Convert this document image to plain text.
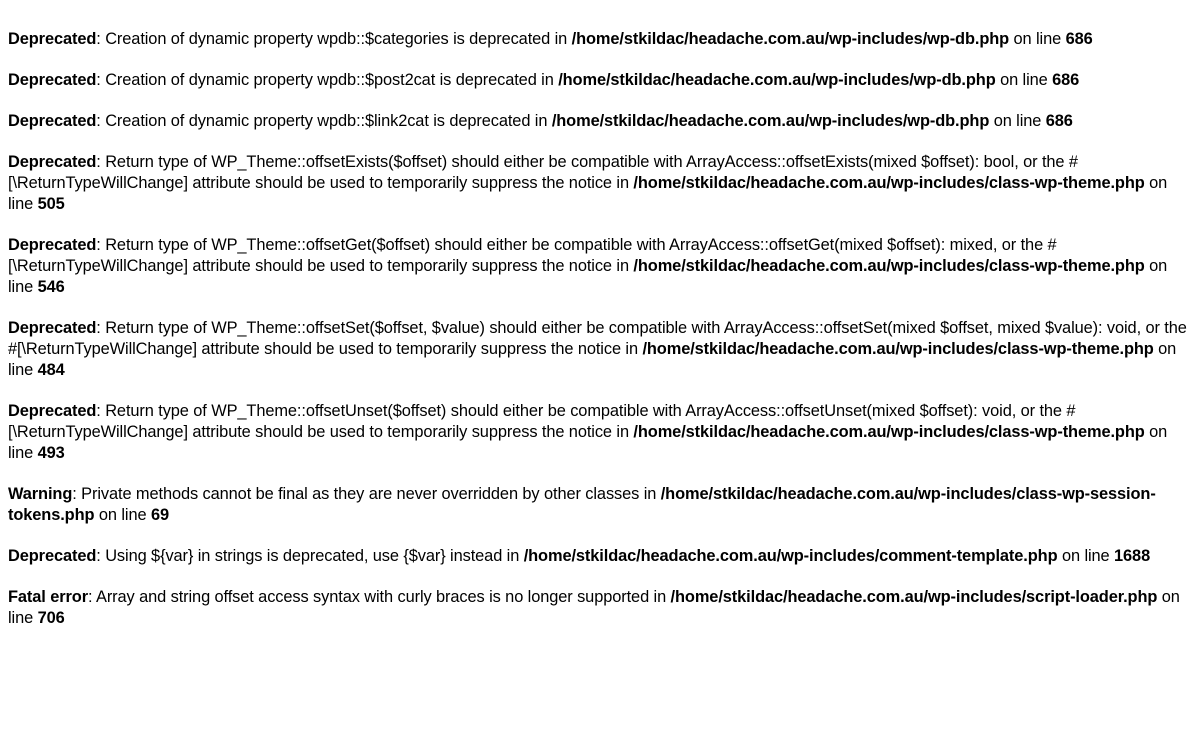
Deprecated: Creation of dynamic property wpdb::$categories is deprecated in /home/stkildac/headache.com.au/wp-includes/wp-db.php on line 686

Deprecated: Creation of dynamic property wpdb::$post2cat is deprecated in /home/stkildac/headache.com.au/wp-includes/wp-db.php on line 686

Deprecated: Creation of dynamic property wpdb::$link2cat is deprecated in /home/stkildac/headache.com.au/wp-includes/wp-db.php on line 686

Deprecated: Return type of WP_Theme::offsetExists($offset) should either be compatible with ArrayAccess::offsetExists(mixed $offset): bool, or the #[\ReturnTypeWillChange] attribute should be used to temporarily suppress the notice in /home/stkildac/headache.com.au/wp-includes/class-wp-theme.php on line 505

Deprecated: Return type of WP_Theme::offsetGet($offset) should either be compatible with ArrayAccess::offsetGet(mixed $offset): mixed, or the #[\ReturnTypeWillChange] attribute should be used to temporarily suppress the notice in /home/stkildac/headache.com.au/wp-includes/class-wp-theme.php on line 546

Deprecated: Return type of WP_Theme::offsetSet($offset, $value) should either be compatible with ArrayAccess::offsetSet(mixed $offset, mixed $value): void, or the #[\ReturnTypeWillChange] attribute should be used to temporarily suppress the notice in /home/stkildac/headache.com.au/wp-includes/class-wp-theme.php on line 484

Deprecated: Return type of WP_Theme::offsetUnset($offset) should either be compatible with ArrayAccess::offsetUnset(mixed $offset): void, or the #[\ReturnTypeWillChange] attribute should be used to temporarily suppress the notice in /home/stkildac/headache.com.au/wp-includes/class-wp-theme.php on line 493

Warning: Private methods cannot be final as they are never overridden by other classes in /home/stkildac/headache.com.au/wp-includes/class-wp-session-tokens.php on line 69

Deprecated: Using ${var} in strings is deprecated, use {$var} instead in /home/stkildac/headache.com.au/wp-includes/comment-template.php on line 1688

Fatal error: Array and string offset access syntax with curly braces is no longer supported in /home/stkildac/headache.com.au/wp-includes/script-loader.php on line 706
